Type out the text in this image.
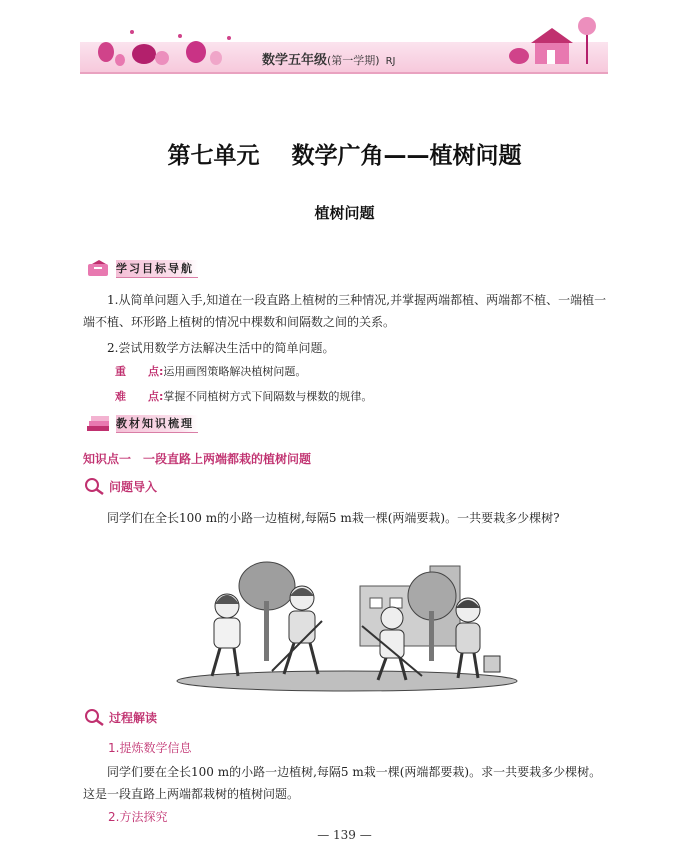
数学五年级(第一学期) RJ
第七单元    数学广角——植树问题
植树问题
学习目标导航
1.从简单问题入手,知道在一段直路上植树的三种情况,并掌握两端都植、两端都不植、一端植一端不植、环形路上植树的情况中棵数和间隔数之间的关系。
2.尝试用数学方法解决生活中的简单问题。
重　　点:运用画图策略解决植树问题。
难　　点:掌握不同植树方式下间隔数与棵数的规律。
教材知识梳理
知识点一　一段直路上两端都栽的植树问题
问题导入
同学们在全长100 m的小路一边植树,每隔5 m栽一棵(两端要栽)。一共要栽多少棵树?
过程解读
1.提炼数学信息
同学们要在全长100 m的小路一边植树,每隔5 m栽一棵(两端都要栽)。求一共要栽多少棵树。这是一段直路上两端都栽树的植树问题。
2.方法探究
— 139 —
